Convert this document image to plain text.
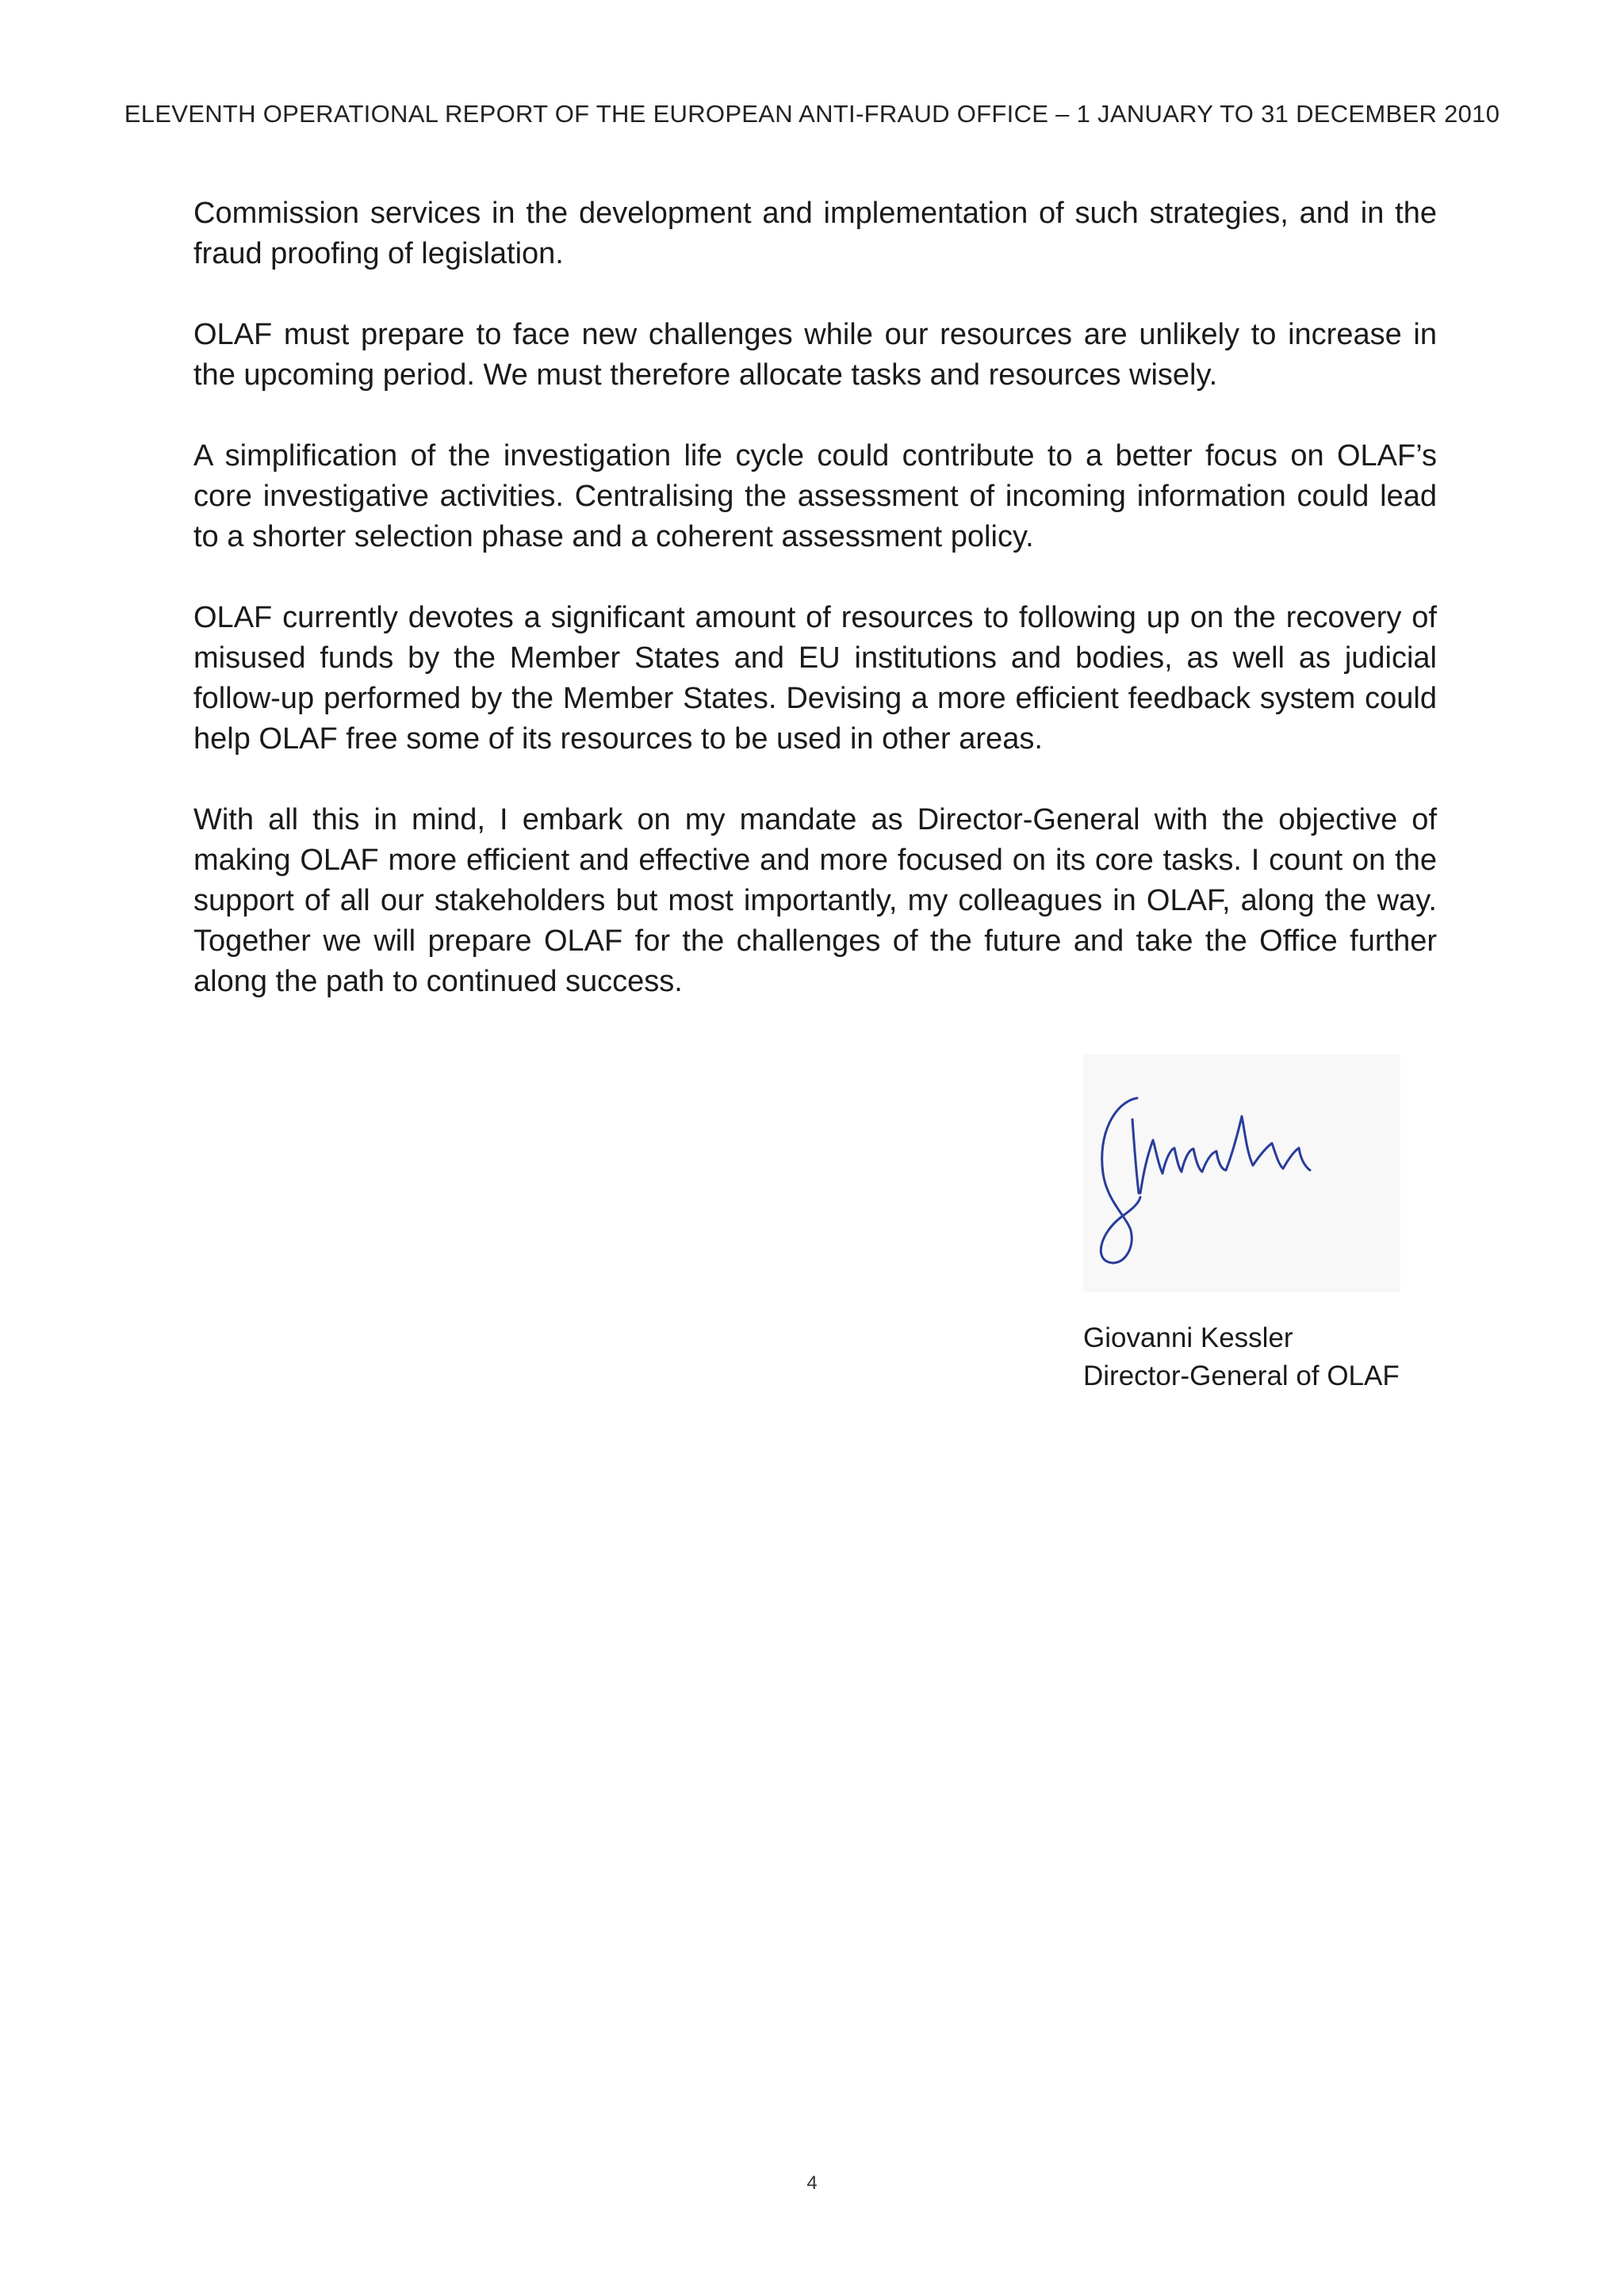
ELEVENTH OPERATIONAL REPORT OF THE EUROPEAN ANTI-FRAUD OFFICE – 1 JANUARY TO 31 DECEMBER 2010

Commission services in the development and implementation of such strategies, and in the fraud proofing of legislation.

OLAF must prepare to face new challenges while our resources are unlikely to increase in the upcoming period. We must therefore allocate tasks and resources wisely.

A simplification of the investigation life cycle could contribute to a better focus on OLAF’s core investigative activities. Centralising the assessment of incoming information could lead to a shorter selection phase and a coherent assessment policy.

OLAF currently devotes a significant amount of resources to following up on the recovery of misused funds by the Member States and EU institutions and bodies, as well as judicial follow-up performed by the Member States. Devising a more efficient feedback system could help OLAF free some of its resources to be used in other areas.

With all this in mind, I embark on my mandate as Director-General with the objective of making OLAF more efficient and effective and more focused on its core tasks. I count on the support of all our stakeholders but most importantly, my colleagues in OLAF, along the way. Together we will prepare OLAF for the challenges of the future and take the Office further along the path to continued success.

Giovanni Kessler
Director-General of OLAF
4
